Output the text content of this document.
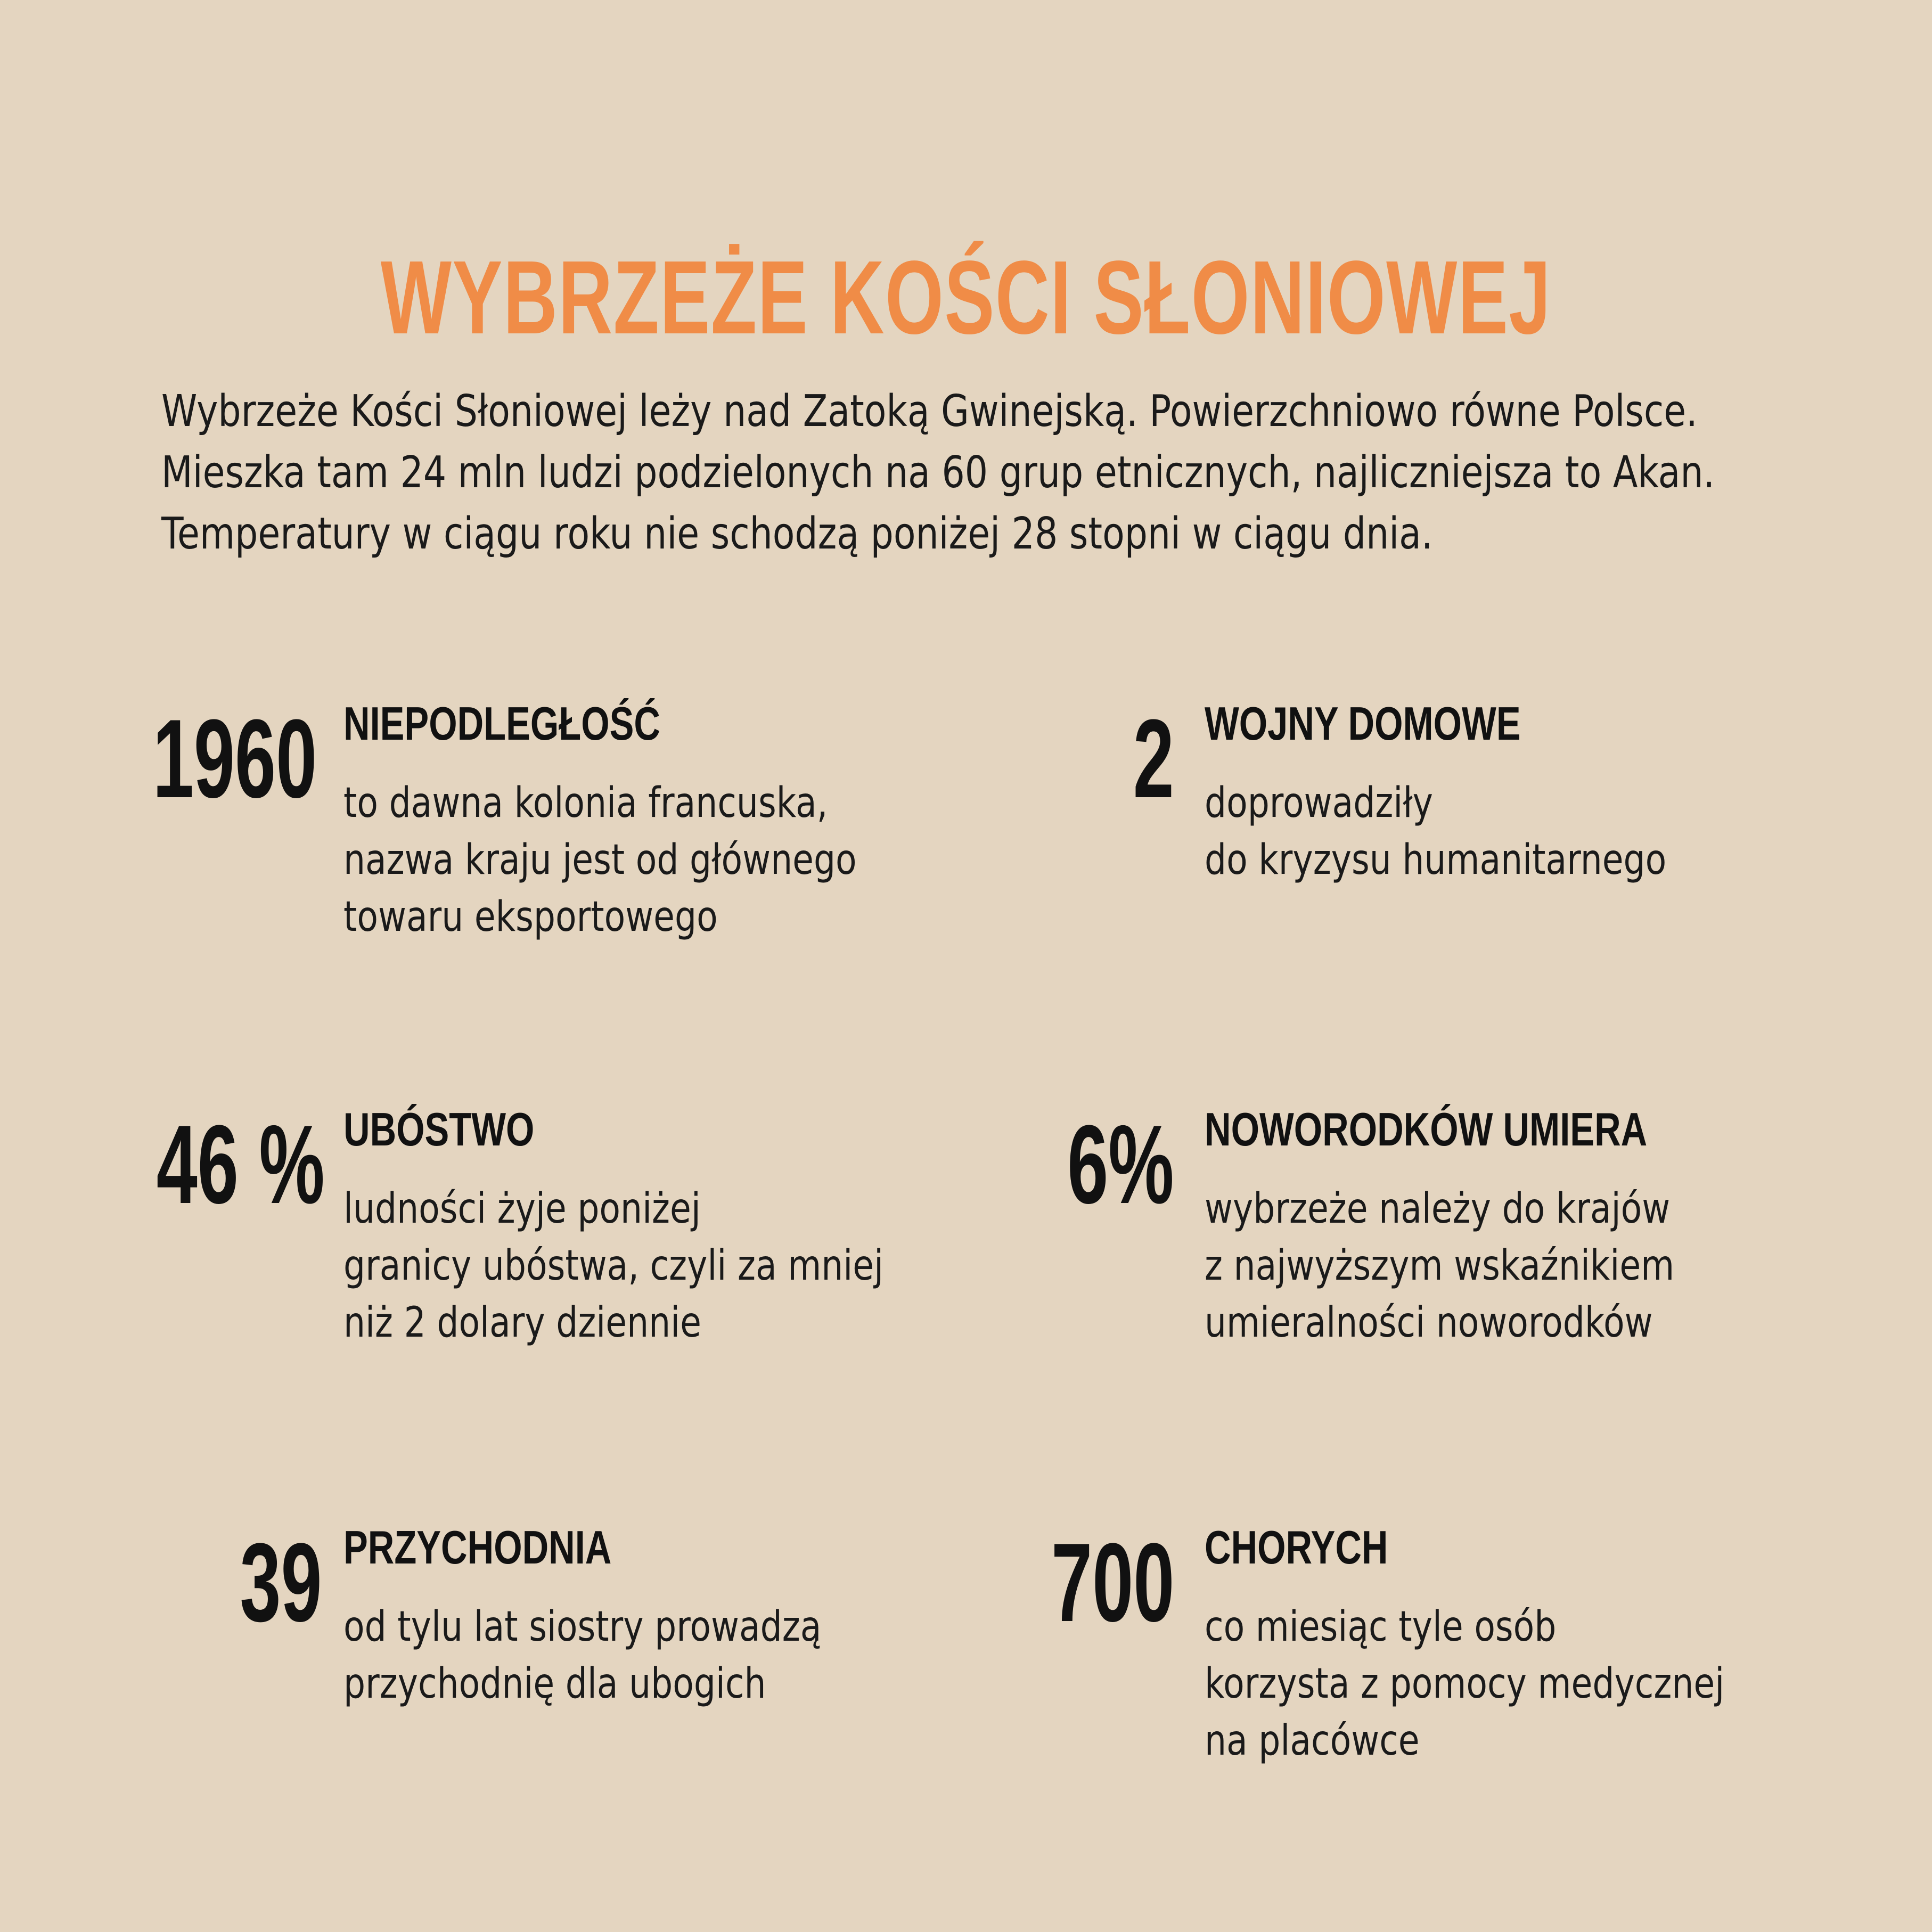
WYBRZEŻE KOŚCI SŁONIOWEJ
Wybrzeże Kości Słoniowej leży nad Zatoką Gwinejską. Powierzchniowo równe Polsce.
Mieszka tam 24 mln ludzi podzielonych na 60 grup etnicznych, najliczniejsza to Akan.
Temperatury w ciągu roku nie schodzą poniżej 28 stopni w ciągu dnia.
1960 NIEPODLEGŁOŚĆ
to dawna kolonia francuska,
nazwa kraju jest od głównego
towaru eksportowego
2 WOJNY DOMOWE
doprowadziły
do kryzysu humanitarnego
46 % UBÓSTWO
ludności żyje poniżej
granicy ubóstwa, czyli za mniej
niż 2 dolary dziennie
6% NOWORODKÓW UMIERA
wybrzeże należy do krajów
z najwyższym wskaźnikiem
umieralności noworodków
39 PRZYCHODNIA
od tylu lat siostry prowadzą
przychodnię dla ubogich
700 CHORYCH
co miesiąc tyle osób
korzysta z pomocy medycznej
na placówce
